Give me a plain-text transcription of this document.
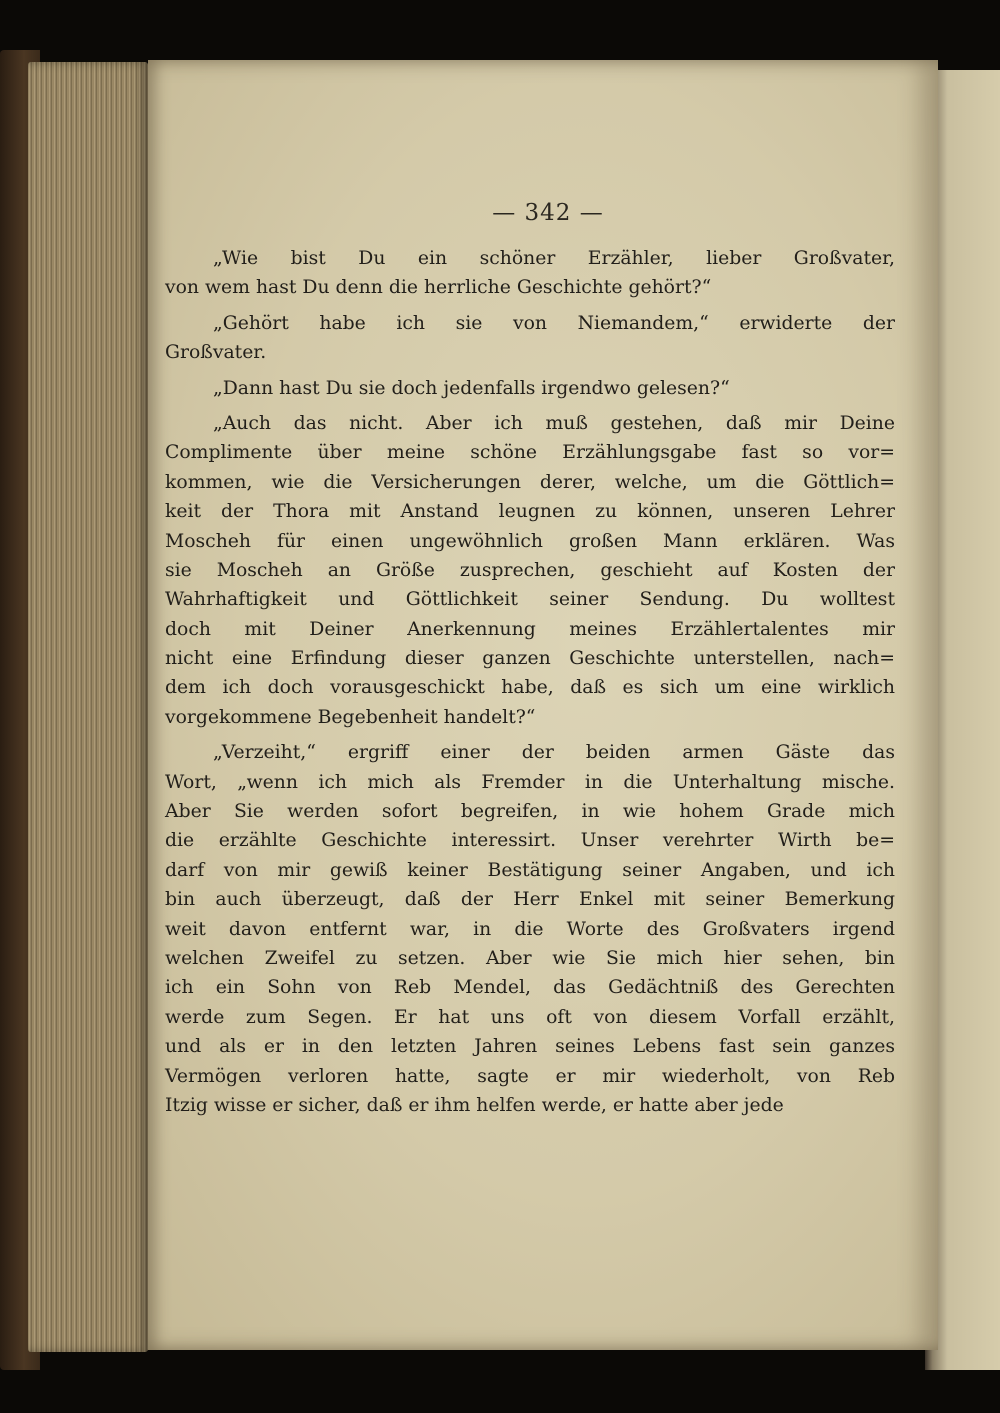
— 342 —
„Wie bist Du ein schöner Erzähler, lieber Großvater,
von wem hast Du denn die herrliche Geschichte gehört?“
„Gehört habe ich sie von Niemandem,“ erwiderte der
Großvater.
„Dann hast Du sie doch jedenfalls irgendwo gelesen?“
„Auch das nicht. Aber ich muß gestehen, daß mir Deine
Complimente über meine schöne Erzählungsgabe fast so vor=
kommen, wie die Versicherungen derer, welche, um die Göttlich=
keit der Thora mit Anstand leugnen zu können, unseren Lehrer
Moscheh für einen ungewöhnlich großen Mann erklären. Was
sie Moscheh an Größe zusprechen, geschieht auf Kosten der
Wahrhaftigkeit und Göttlichkeit seiner Sendung. Du wolltest
doch mit Deiner Anerkennung meines Erzählertalentes mir
nicht eine Erfindung dieser ganzen Geschichte unterstellen, nach=
dem ich doch vorausgeschickt habe, daß es sich um eine wirklich
vorgekommene Begebenheit handelt?“
„Verzeiht,“ ergriff einer der beiden armen Gäste das
Wort, „wenn ich mich als Fremder in die Unterhaltung mische.
Aber Sie werden sofort begreifen, in wie hohem Grade mich
die erzählte Geschichte interessirt. Unser verehrter Wirth be=
darf von mir gewiß keiner Bestätigung seiner Angaben, und ich
bin auch überzeugt, daß der Herr Enkel mit seiner Bemerkung
weit davon entfernt war, in die Worte des Großvaters irgend
welchen Zweifel zu setzen. Aber wie Sie mich hier sehen, bin
ich ein Sohn von Reb Mendel, das Gedächtniß des Gerechten
werde zum Segen. Er hat uns oft von diesem Vorfall erzählt,
und als er in den letzten Jahren seines Lebens fast sein ganzes
Vermögen verloren hatte, sagte er mir wiederholt, von Reb
Itzig wisse er sicher, daß er ihm helfen werde, er hatte aber jede
